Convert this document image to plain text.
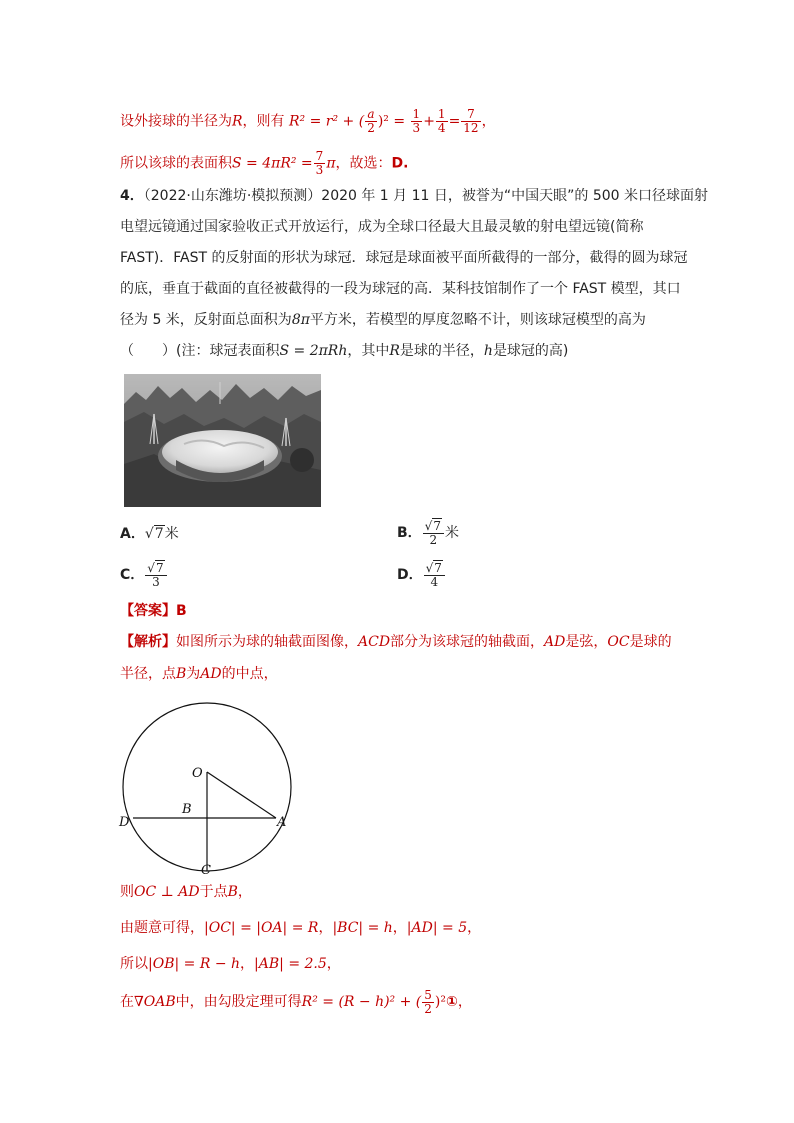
设外接球的半径为R，则有 R² = r² + ( $\frac{a}{2} )^2 = \frac{1}{3} + \frac{1}{4} = \frac{7}{12}$ ，
所以该球的表面积$S = 4\pi R^2 = \frac{7}{3}$ π，故选：D.
4．（2022·山东潍坊·模拟预测）2020 年 1 月 11 日，被誉为“中国天眼”的 500 米口径球面射
电望远镜通过国家验收正式开放运行，成为全球口径最大且最灵敏的射电望远镜(简称
FAST)．FAST 的反射面的形状为球冠．球冠是球面被平面所截得的一部分，截得的圆为球冠
的底，垂直于截面的直径被截得的一段为球冠的高．某科技馆制作了一个 FAST 模型，其口
径为 5 米，反射面总面积为8π平方米，若模型的厚度忽略不计，则该球冠模型的高为
（　　）(注：球冠表面积S = 2πRh，其中R是球的半径，h是球冠的高)
A．√7米	B． $\frac{√7}{2}$ 米
C． $\frac{√7}{3}$	D． $\frac{√7}{4}$
【答案】B
【解析】如图所示为球的轴截面图像，ACD部分为该球冠的轴截面，AD是弦，OC是球的
半径，点B为AD的中点，
O
B
D	A
C
则OC ⊥ AD于点B，
由题意可得，|OC| = |OA| = R，|BC| = h，|AD| = 5，
所以|OB| = R − h，|AB| = 2.5，
在∇OAB中，由勾股定理可得R² = (R − h)² + ( $\frac{5}{2}$ )²①，
